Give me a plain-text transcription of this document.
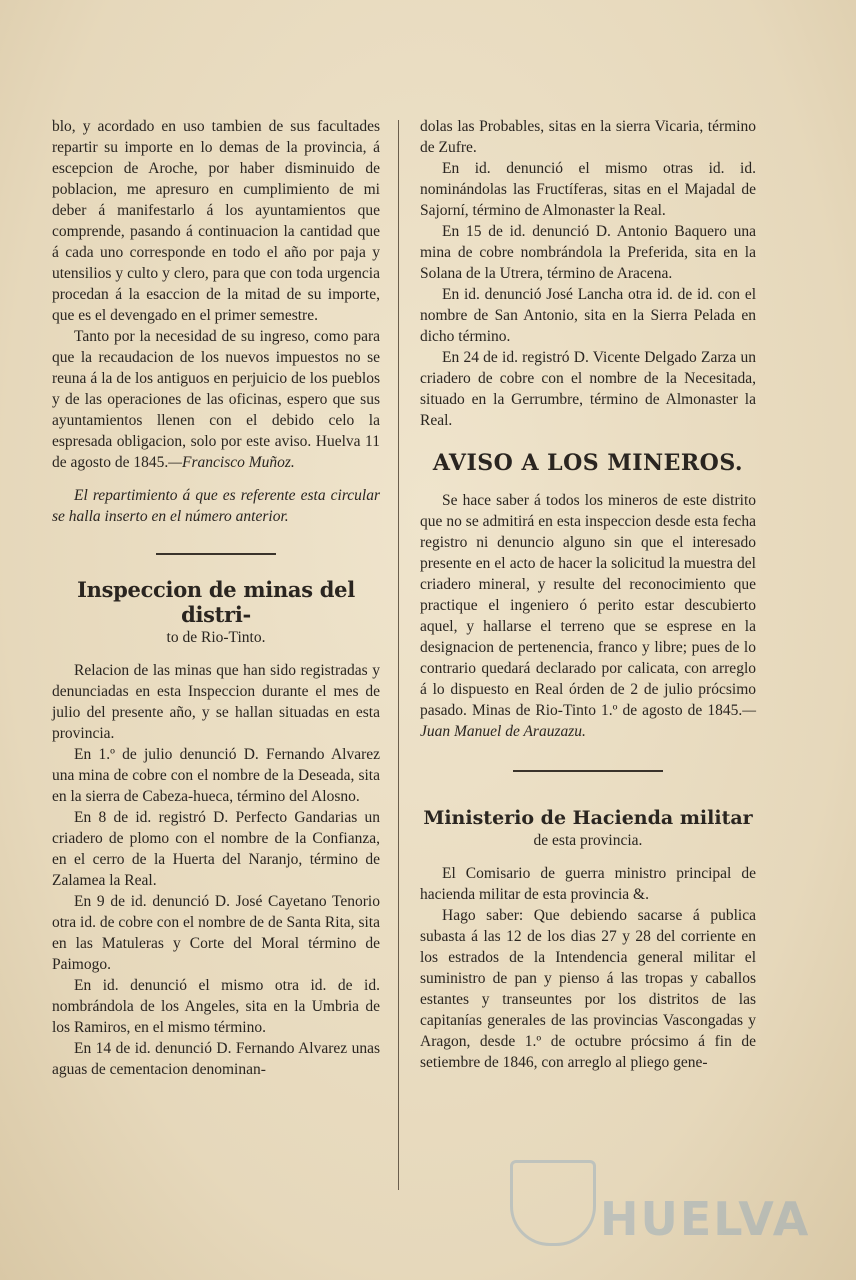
blo, y acordado en uso tambien de sus facultades repartir su importe en lo demas de la provincia, á escepcion de Aroche, por haber disminuido de poblacion, me apresuro en cumplimiento de mi deber á manifestarlo á los ayuntamientos que comprende, pasando á continuacion la cantidad que á cada uno corresponde en todo el año por paja y utensilios y culto y clero, para que con toda urgencia procedan á la esaccion de la mitad de su importe, que es el devengado en el primer semestre.

Tanto por la necesidad de su ingreso, como para que la recaudacion de los nuevos impuestos no se reuna á la de los antiguos en perjuicio de los pueblos y de las operaciones de las oficinas, espero que sus ayuntamientos llenen con el debido celo la espresada obligacion, solo por este aviso. Huelva 11 de agosto de 1845.—Francisco Muñoz.

El repartimiento á que es referente esta circular se halla inserto en el número anterior.

Inspeccion de minas del distri-
to de Rio-Tinto.

Relacion de las minas que han sido registradas y denunciadas en esta Inspeccion durante el mes de julio del presente año, y se hallan situadas en esta provincia.

En 1.º de julio denunció D. Fernando Alvarez una mina de cobre con el nombre de la Deseada, sita en la sierra de Cabeza-hueca, término del Alosno.

En 8 de id. registró D. Perfecto Gandarias un criadero de plomo con el nombre de la Confianza, en el cerro de la Huerta del Naranjo, término de Zalamea la Real.

En 9 de id. denunció D. José Cayetano Tenorio otra id. de cobre con el nombre de de Santa Rita, sita en las Matuleras y Corte del Moral término de Paimogo.

En id. denunció el mismo otra id. de id. nombrándola de los Angeles, sita en la Umbria de los Ramiros, en el mismo término.

En 14 de id. denunció D. Fernando Alvarez unas aguas de cementacion denominan-

dolas las Probables, sitas en la sierra Vicaria, término de Zufre.

En id. denunció el mismo otras id. id. nominándolas las Fructíferas, sitas en el Majadal de Sajorní, término de Almonaster la Real.

En 15 de id. denunció D. Antonio Baquero una mina de cobre nombrándola la Preferida, sita en la Solana de la Utrera, término de Aracena.

En id. denunció José Lancha otra id. de id. con el nombre de San Antonio, sita en la Sierra Pelada en dicho término.

En 24 de id. registró D. Vicente Delgado Zarza un criadero de cobre con el nombre de la Necesitada, situado en la Gerrumbre, término de Almonaster la Real.

AVISO A LOS MINEROS.

Se hace saber á todos los mineros de este distrito que no se admitirá en esta inspeccion desde esta fecha registro ni denuncio alguno sin que el interesado presente en el acto de hacer la solicitud la muestra del criadero mineral, y resulte del reconocimiento que practique el ingeniero ó perito estar descubierto aquel, y hallarse el terreno que se esprese en la designacion de pertenencia, franco y libre; pues de lo contrario quedará declarado por calicata, con arreglo á lo dispuesto en Real órden de 2 de julio prócsimo pasado. Minas de Rio-Tinto 1.º de agosto de 1845.—Juan Manuel de Arauzazu.

Ministerio de Hacienda militar
de esta provincia.

El Comisario de guerra ministro principal de hacienda militar de esta provincia &.

Hago saber: Que debiendo sacarse á publica subasta á las 12 de los dias 27 y 28 del corriente en los estrados de la Intendencia general militar el suministro de pan y pienso á las tropas y caballos estantes y transeuntes por los distritos de las capitanías generales de las provincias Vascongadas y Aragon, desde 1.º de octubre prócsimo á fin de setiembre de 1846, con arreglo al pliego gene-

HUELVA
